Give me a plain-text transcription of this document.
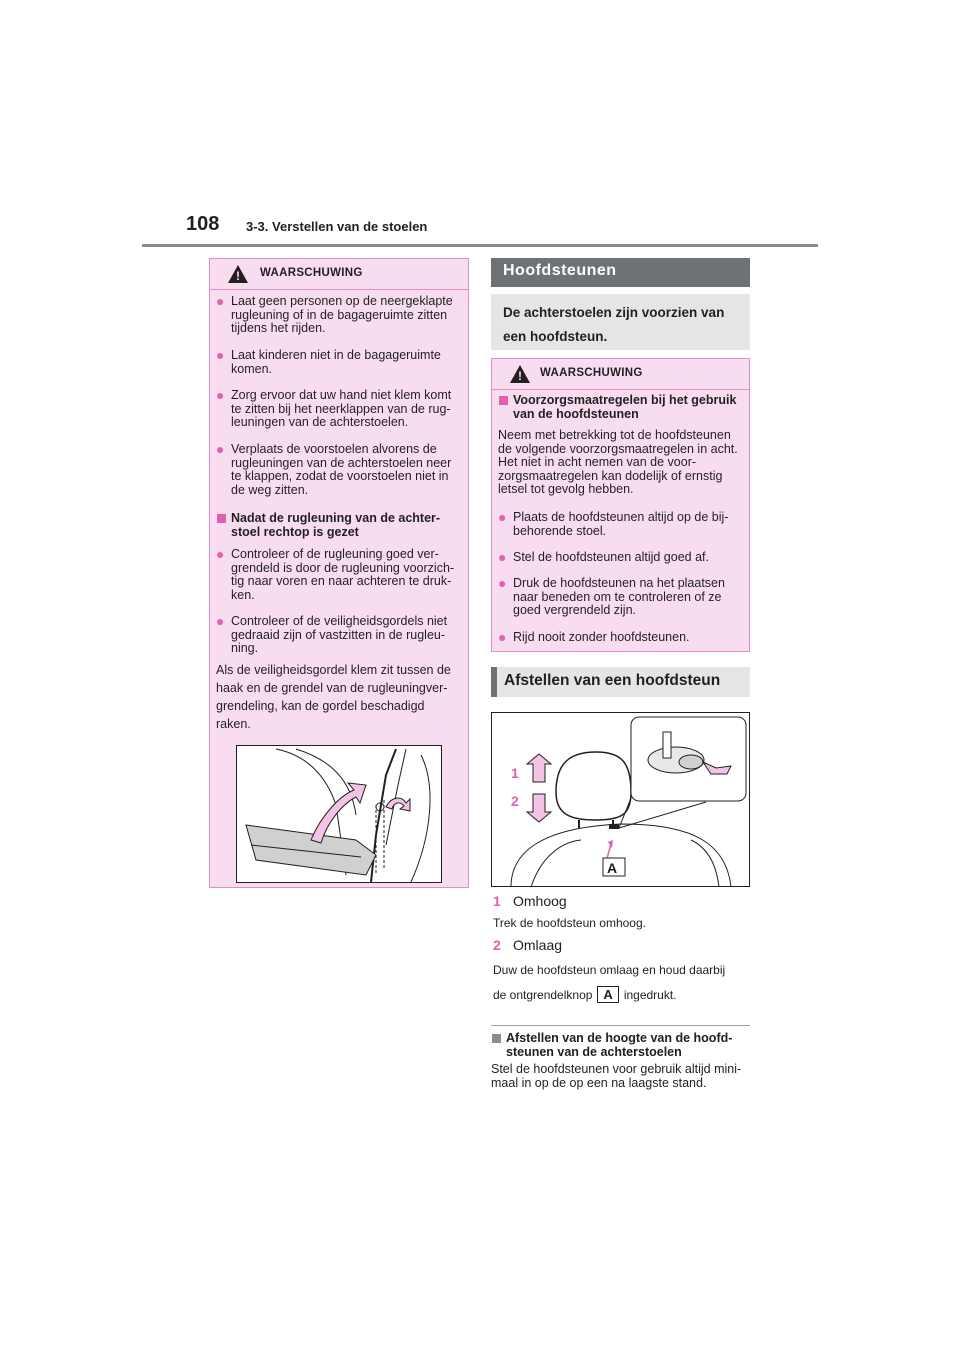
108 3-3. Verstellen van de stoelen
! WAARSCHUWING
● Laat geen personen op de neergeklapte rugleuning of in de bagageruimte zitten tijdens het rijden.
● Laat kinderen niet in de bagageruimte komen.
● Zorg ervoor dat uw hand niet klem komt te zitten bij het neerklappen van de rug-leuningen van de achterstoelen.
● Verplaats de voorstoelen alvorens de rugleuningen van de achterstoelen neer te klappen, zodat de voorstoelen niet in de weg zitten.
Nadat de rugleuning van de achter-stoel rechtop is gezet
● Controleer of de rugleuning goed ver-grendeld is door de rugleuning voorzich-tig naar voren en naar achteren te druk-ken.
● Controleer of de veiligheidsgordels niet gedraaid zijn of vastzitten in de rugleu-ning.
Als de veiligheidsgordel klem zit tussen de
haak en de grendel van de rugleuningver-
grendeling, kan de gordel beschadigd
raken.
Hoofdsteunen
De achterstoelen zijn voorzien van
een hoofdsteun.
! WAARSCHUWING
Voorzorgsmaatregelen bij het gebruik van de hoofdsteunen
Neem met betrekking tot de hoofdsteunen de volgende voorzorgsmaatregelen in acht. Het niet in acht nemen van de voor-zorgsmaatregelen kan dodelijk of ernstig letsel tot gevolg hebben.
● Plaats de hoofdsteunen altijd op de bij-behorende stoel.
● Stel de hoofdsteunen altijd goed af.
● Druk de hoofdsteunen na het plaatsen naar beneden om te controleren of ze goed vergrendeld zijn.
● Rijd nooit zonder hoofdsteunen.
Afstellen van een hoofdsteun
1
2
A
1 Omhoog
Trek de hoofdsteun omhoog.
2 Omlaag
Duw de hoofdsteun omlaag en houd daarbij
de ontgrendelknop A ingedrukt.
Afstellen van de hoogte van de hoofd-steunen van de achterstoelen
Stel de hoofdsteunen voor gebruik altijd mini-maal in op de op een na laagste stand.
